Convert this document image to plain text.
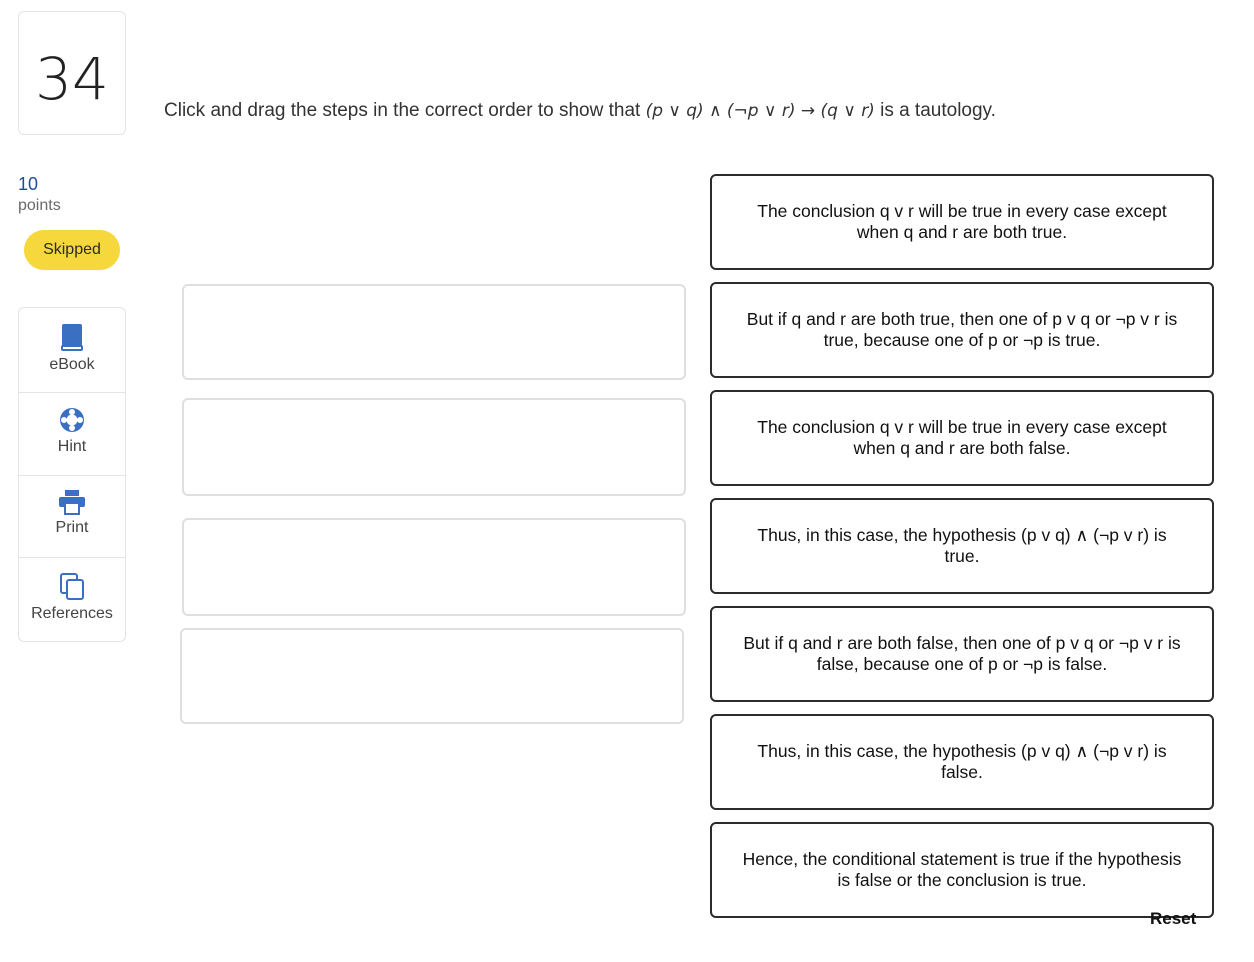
34
10
points
Skipped
eBook
Hint
Print
References
Click and drag the steps in the correct order to show that (p ∨ q) ∧ (¬p ∨ r) → (q ∨ r) is a tautology.
The conclusion q v r will be true in every case except when q and r are both true.
But if q and r are both true, then one of p v q or ¬p v r is true, because one of p or ¬p is true.
The conclusion q v r will be true in every case except when q and r are both false.
Thus, in this case, the hypothesis (p v q) ∧ (¬p v r) is true.
But if q and r are both false, then one of p v q or ¬p v r is false, because one of p or ¬p is false.
Thus, in this case, the hypothesis (p v q) ∧ (¬p v r) is false.
Hence, the conditional statement is true if the hypothesis is false or the conclusion is true.
Reset
